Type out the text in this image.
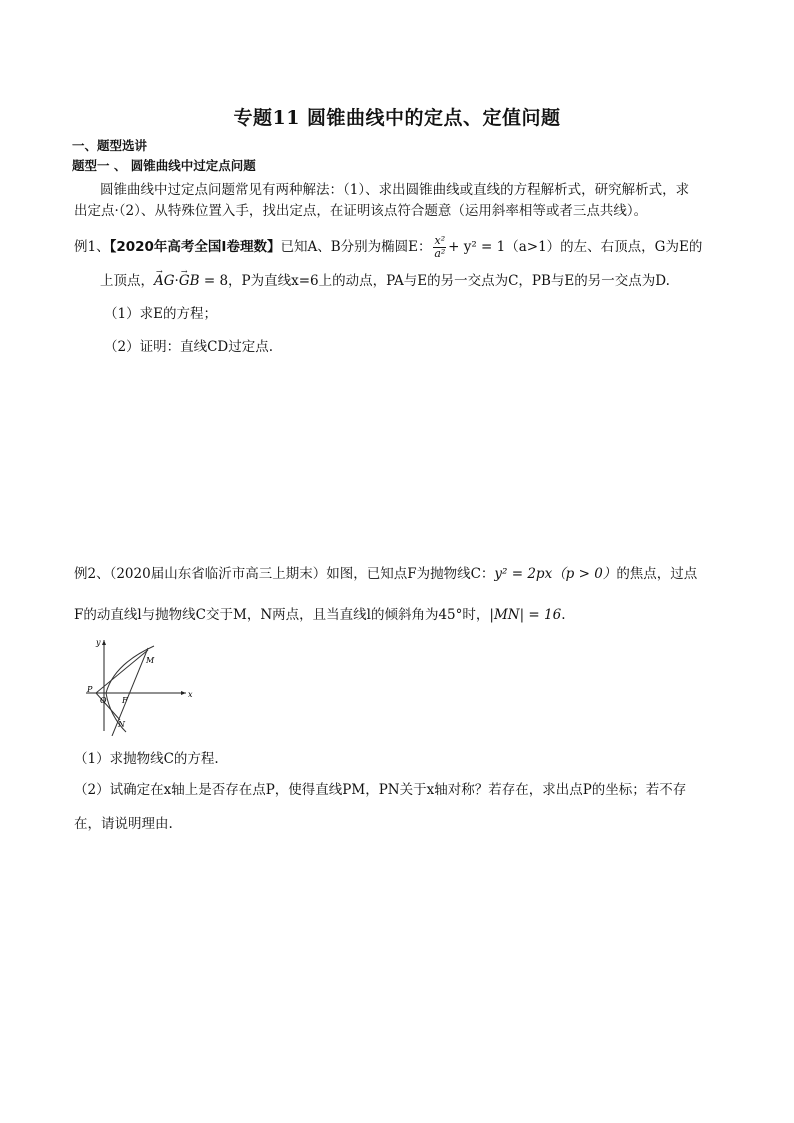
专题11 圆锥曲线中的定点、定值问题
一、题型选讲
题型一 、 圆锥曲线中过定点问题
圆锥曲线中过定点问题常见有两种解法：（1）、求出圆锥曲线或直线的方程解析式，研究解析式，求
出定点·（2）、从特殊位置入手，找出定点，在证明该点符合题意（运用斜率相等或者三点共线）。
例1、【2020年高考全国Ⅰ卷理数】已知A、B分别为椭圆E： $\frac{\text{x²}}{\text{a²}} + y^2 = 1(a>1)$的左、右顶点，G为E的
上顶点，→ AG·→ GB = 8，P为直线x=6上的动点，PA与E的另一交点为C，PB与E的另一交点为D.
（1）求E的方程；
（2）证明：直线CD过定点.
例2、（2020届山东省临沂市高三上期末）如图，已知点F为抛物线C：y² = 2px（p > 0）的焦点，过点
F的动直线l与抛物线C交于M，N两点，且当直线l的倾斜角为45°时，|MN| = 16.
x
y
M
N
P
O F
（1）求抛物线C的方程.
（2）试确定在x轴上是否存在点P，使得直线PM，PN关于x轴对称？若存在，求出点P的坐标；若不存
在，请说明理由.
